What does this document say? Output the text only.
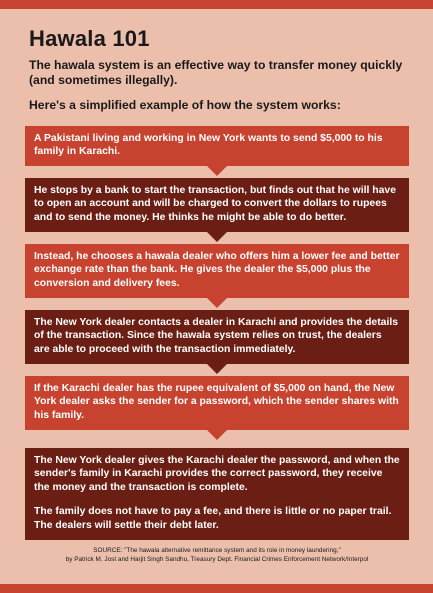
Hawala 101

The hawala system is an effective way to transfer money quickly (and sometimes illegally).

Here's a simplified example of how the system works:

A Pakistani living and working in New York wants to send $5,000 to his family in Karachi.

He stops by a bank to start the transaction, but finds out that he will have to open an account and will be charged to convert the dollars to rupees and to send the money. He thinks he might be able to do better.

Instead, he chooses a hawala dealer who offers him a lower fee and better exchange rate than the bank. He gives the dealer the $5,000 plus the conversion and delivery fees.

The New York dealer contacts a dealer in Karachi and provides the details of the transaction. Since the hawala system relies on trust, the dealers are able to proceed with the transaction immediately.

If the Karachi dealer has the rupee equivalent of $5,000 on hand, the New York dealer asks the sender for a password, which the sender shares with his family.

The New York dealer gives the Karachi dealer the password, and when the sender's family in Karachi provides the correct password, they receive the money and the transaction is complete.

The family does not have to pay a fee, and there is little or no paper trail. The dealers will settle their debt later.

SOURCE: "The hawala alternative remittance system and its role in money laundering,"
by Patrick M. Jost and Harjit Singh Sandhu, Treasury Dept. Financial Crimes Enforcement Network/Interpol
